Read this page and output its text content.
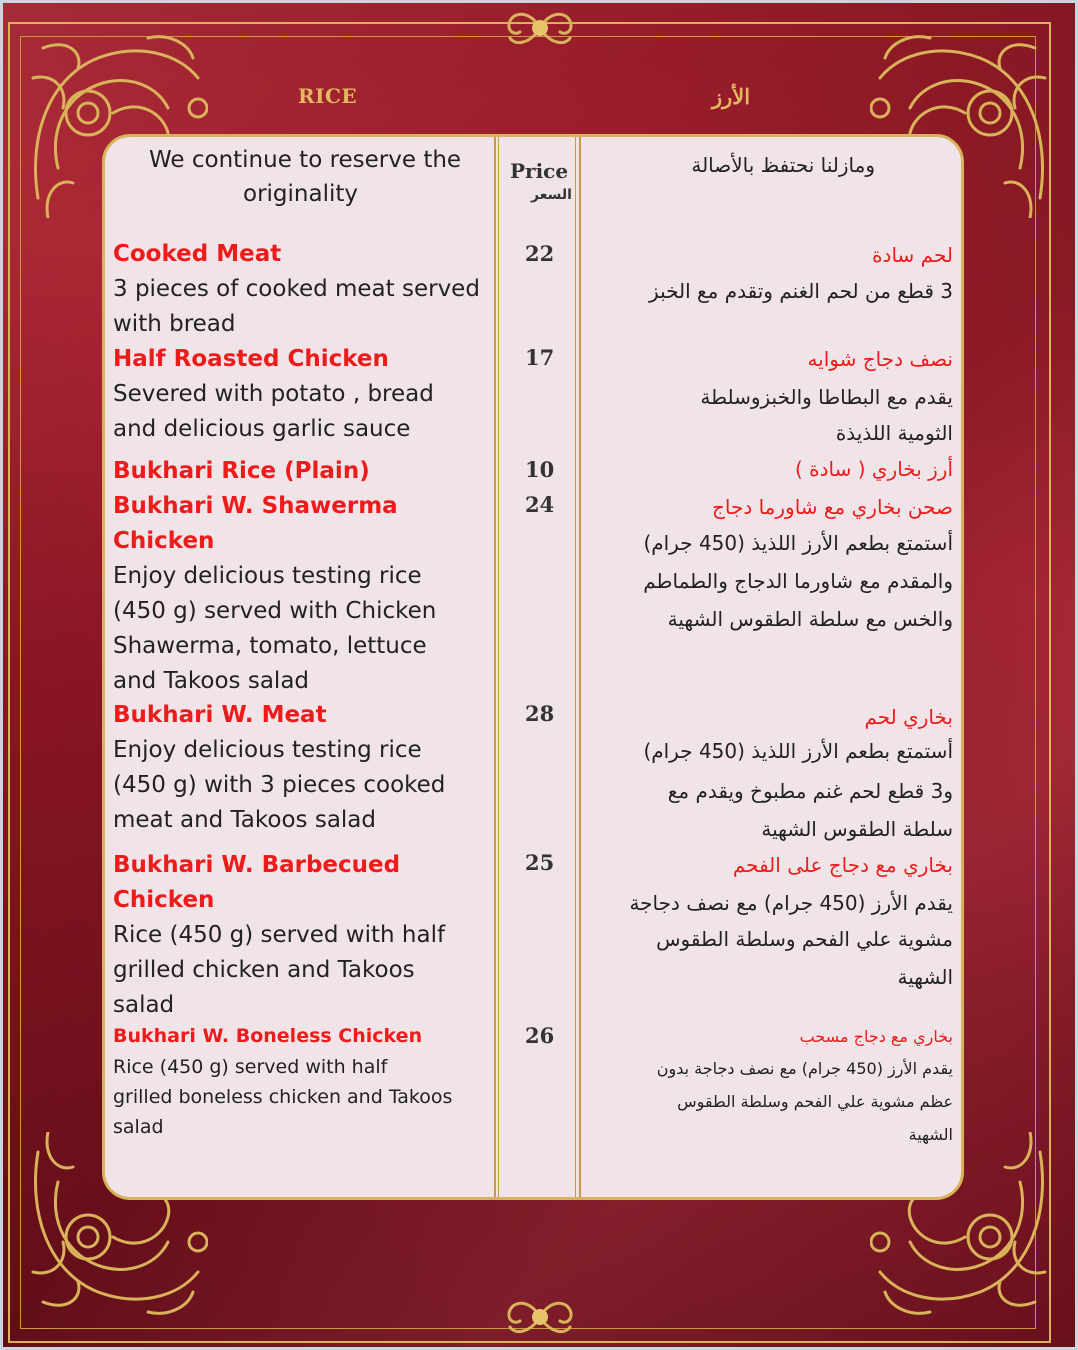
RICE	الأرز
We continue to reserve the
originality
ومازلنا نحتفظ بالأصالة
Price
السعر
Cooked Meat
3 pieces of cooked meat served
with bread
22	لحم سادة
3 قطع من لحم الغنم وتقدم مع الخبز
Half Roasted Chicken
Severed with potato , bread
and delicious garlic sauce
17	نصف دجاج شوايه
يقدم مع البطاطا والخبزوسلطة
الثومية اللذيذة
Bukhari Rice (Plain)	10	أرز بخاري ( سادة )
Bukhari W. Shawerma
Chicken
Enjoy delicious testing rice
(450 g) served with Chicken
Shawerma, tomato, lettuce
and Takoos salad
24	صحن بخاري مع شاورما دجاج
أستمتع بطعم الأرز اللذيذ (450 جرام)
والمقدم مع شاورما الدجاج والطماطم
والخس مع سلطة الطقوس الشهية
Bukhari W. Meat
Enjoy delicious testing rice
(450 g) with 3 pieces cooked
meat and Takoos salad
28	بخاري لحم
أستمتع بطعم الأرز اللذيذ (450 جرام)
و3 قطع لحم غنم مطبوخ ويقدم مع
سلطة الطقوس الشهية
Bukhari W. Barbecued
Chicken
Rice (450 g) served with half
grilled chicken and Takoos
salad
25	بخاري مع دجاج على الفحم
يقدم الأرز (450 جرام) مع نصف دجاجة
مشوية علي الفحم وسلطة الطقوس
الشهية
Bukhari W. Boneless Chicken
Rice (450 g) served with half
grilled boneless chicken and Takoos
salad
26	بخاري مع دجاج مسحب
يقدم الأرز (450 جرام) مع نصف دجاجة بدون
عظم مشوية علي الفحم وسلطة الطقوس
الشهية
